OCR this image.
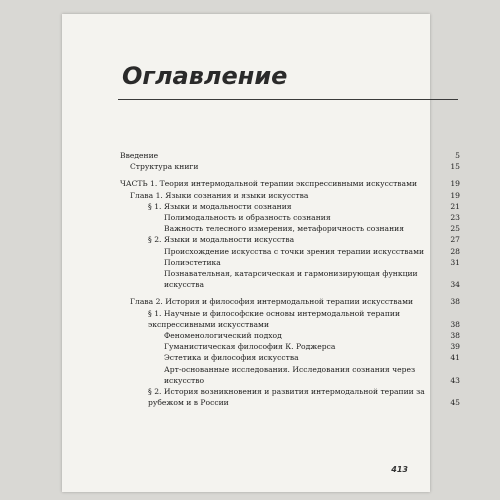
Оглавление
Введение	5
Структура книги	15
ЧАСТЬ 1. Теория интермодальной терапии экспрессивными искусствами	19
Глава 1. Языки сознания и языки искусства	19
§ 1. Языки и модальности сознания	21
Полимодальность и образность сознания	23
Важность телесного измерения, метафоричность сознания	25
§ 2. Языки и модальности искусства	27
Происхождение искусства с точки зрения терапии искусствами	28
Полиэстетика	31
Познавательная, катарсическая и гармонизирующая функции искусства	34
Глава 2. История и философия интермодальной терапии искусствами	38
§ 1. Научные и философские основы интермодальной терапии экспрессивными искусствами	38
Феноменологический подход	38
Гуманистическая философия К. Роджерса	39
Эстетика и философия искусства	41
Арт-основанные исследования. Исследования сознания через искусство	43
§ 2. История возникновения и развития интермодальной терапии за рубежом и в России	45
413
